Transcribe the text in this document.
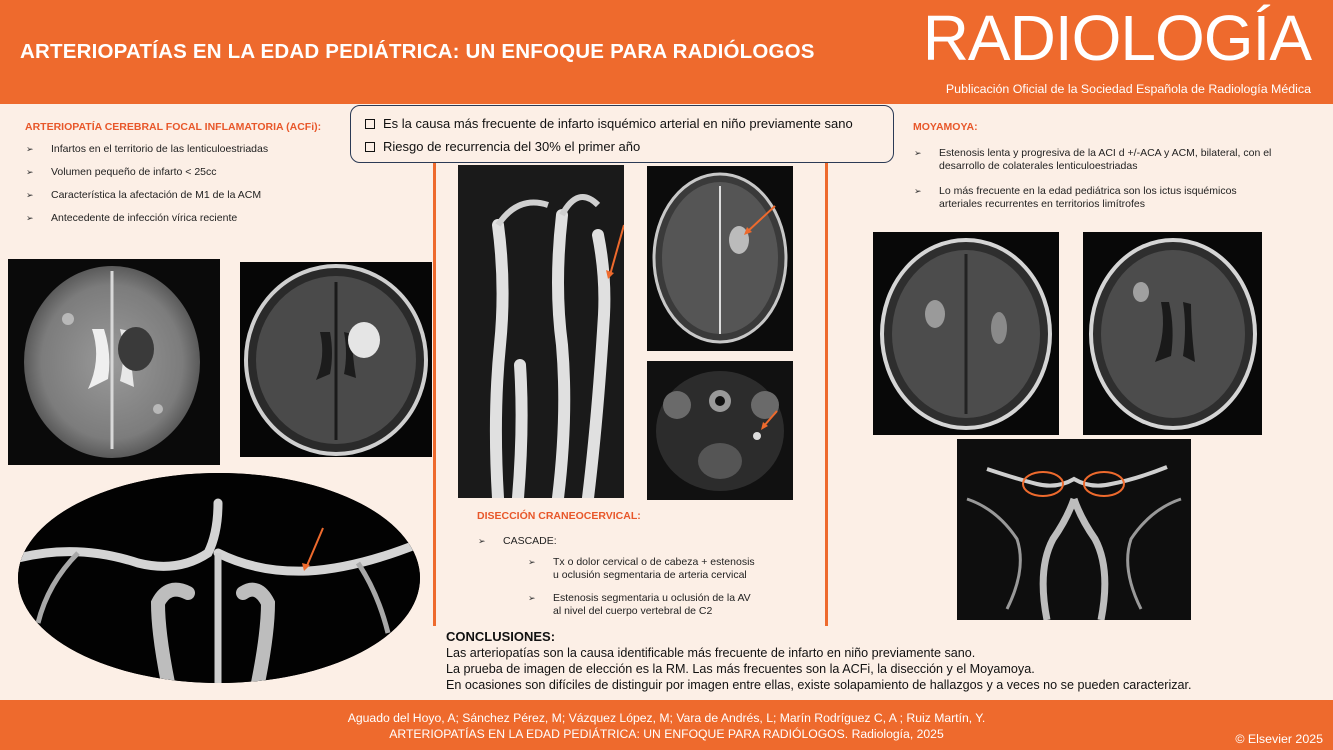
ARTERIOPATÍAS EN LA EDAD PEDIÁTRICA: UN ENFOQUE PARA RADIÓLOGOS RADIOLOGÍA
Publicación Oficial de la Sociedad Española de Radiología Médica
Es la causa más frecuente de infarto isquémico arterial en niño previamente sano
Riesgo de recurrencia del 30% el primer año
ARTERIOPATÍA CEREBRAL FOCAL INFLAMATORIA (ACFi):
➢ Infartos en el territorio de las lenticuloestriadas
➢ Volumen pequeño de infarto < 25cc
➢ Característica la afectación de M1 de la ACM
➢ Antecedente de infección vírica reciente
DISECCIÓN CRANEOCERVICAL:
➢ CASCADE:
➢ Tx o dolor cervical o de cabeza + estenosis
u oclusión segmentaria de arteria cervical
➢ Estenosis segmentaria u oclusión de la AV
al nivel del cuerpo vertebral de C2
MOYAMOYA:
➢ Estenosis lenta y progresiva de la ACI d +/-ACA y ACM, bilateral, con el
desarrollo de colaterales lenticuloestriadas
➢ Lo más frecuente en la edad pediátrica son los ictus isquémicos
arteriales recurrentes en territorios limítrofes
CONCLUSIONES:
Las arteriopatías son la causa identificable más frecuente de infarto en niño previamente sano.
La prueba de imagen de elección es la RM. Las más frecuentes son la ACFi, la disección y el Moyamoya.
En ocasiones son difíciles de distinguir por imagen entre ellas, existe solapamiento de hallazgos y a veces no se pueden caracterizar.
Aguado del Hoyo, A; Sánchez Pérez, M; Vázquez López, M; Vara de Andrés, L; Marín Rodríguez C, A ; Ruiz Martín, Y.
ARTERIOPATÍAS EN LA EDAD PEDIÁTRICA: UN ENFOQUE PARA RADIÓLOGOS. Radiología, 2025	© Elsevier 2025
